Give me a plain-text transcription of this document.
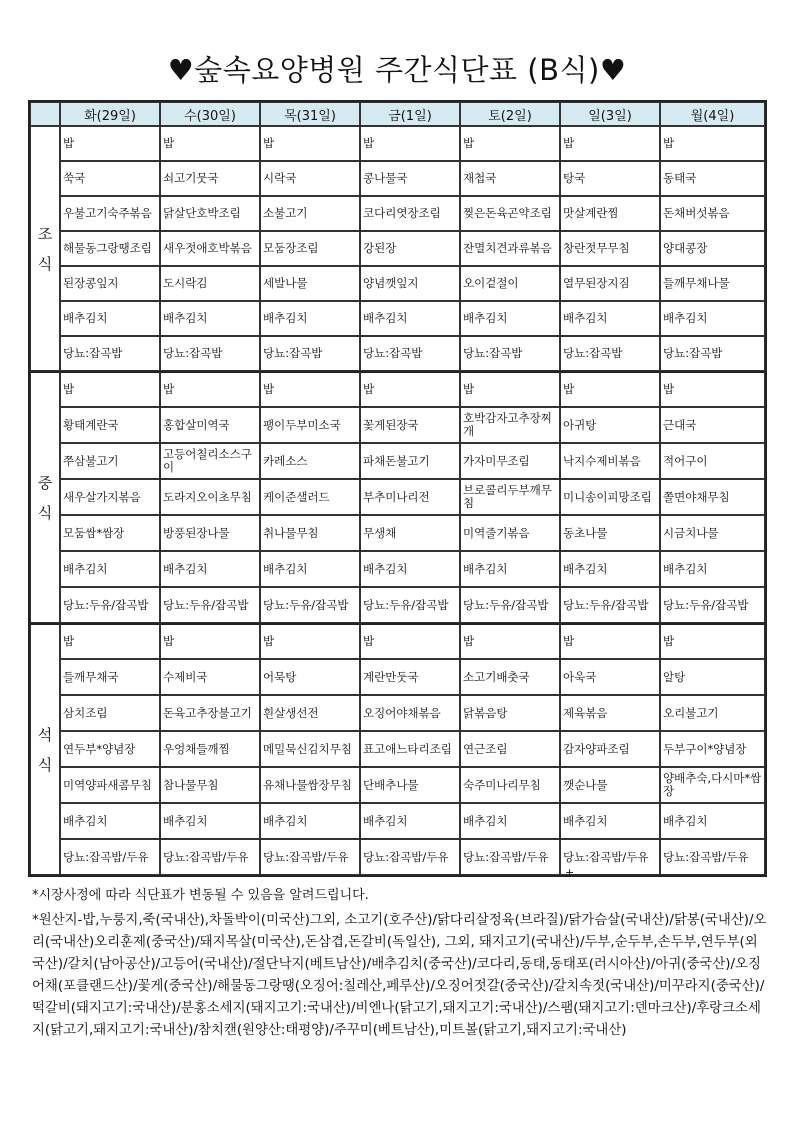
♥숲속요양병원 주간식단표 (B식)♥
	화(29일)	수(30일)	목(31일)	금(1일)	토(2일)	일(3일)	월(4일)

조
식	밥	밥	밥	밥	밥	밥	밥
	쑥국	쇠고기뭇국	시락국	콩나물국	재첩국	탕국	동태국
	우불고기숙주볶음	닭살단호박조림	소불고기	코다리엿장조림	찢은돈육곤약조림	맛살계란찜	돈채버섯볶음
	해물동그랑땡조림	새우젓애호박볶음	모둠장조림	강된장	잔멸치견과류볶음	창란젓무무침	양대콩장
	된장콩잎지	도시락김	세발나물	양념깻잎지	오이겉절이	열무된장지짐	들깨무채나물
	배추김치	배추김치	배추김치	배추김치	배추김치	배추김치	배추김치
	당뇨:잡곡밥	당뇨:잡곡밥	당뇨:잡곡밥	당뇨:잡곡밥	당뇨:잡곡밥	당뇨:잡곡밥	당뇨:잡곡밥

중
식	밥	밥	밥	밥	밥	밥	밥
	황태계란국	홍합살미역국	팽이두부미소국	꽃게된장국	호박감자고추장찌개	아귀탕	근대국
	쭈삼불고기	고등어칠리소스구이	카레소스	파채돈불고기	가자미무조림	낙지수제비볶음	적어구이
	새우살가지볶음	도라지오이초무침	케이준샐러드	부추미나리전	브로콜리두부깨무침	미니송이피망조림	쫄면야채무침
	모둠쌈*쌈장	방풍된장나물	취나물무침	무생채	미역줄기볶음	동초나물	시금치나물
	배추김치	배추김치	배추김치	배추김치	배추김치	배추김치	배추김치
	당뇨:두유/잡곡밥	당뇨:두유/잡곡밥	당뇨:두유/잡곡밥	당뇨:두유/잡곡밥	당뇨:두유/잡곡밥	당뇨:두유/잡곡밥	당뇨:두유/잡곡밥

석
식	밥	밥	밥	밥	밥	밥	밥
	들깨무채국	수제비국	어묵탕	계란만둣국	소고기배춧국	아욱국	알탕
	삼치조림	돈육고추장불고기	흰살생선전	오징어야채볶음	닭볶음탕	제육볶음	오리불고기
	연두부*양념장	우엉채들깨찜	메밀묵신김치무침	표고애느타리조림	연근조림	감자양파조림	두부구이*양념장
	미역양파새콤무침	참나물무침	유채나물쌈장무침	단배추나물	숙주미나리무침	깻순나물	양배추숙,다시마*쌈장
	배추김치	배추김치	배추김치	배추김치	배추김치	배추김치	배추김치
	당뇨:잡곡밥/두유	당뇨:잡곡밥/두유	당뇨:잡곡밥/두유	당뇨:잡곡밥/두유	당뇨:잡곡밥/두유	당뇨:잡곡밥/두유	당뇨:잡곡밥/두유
+
*시장사정에 따라 식단표가 변동될 수 있음을 알려드립니다.
*원산지-밥,누룽지,죽(국내산),차돌박이(미국산)그외, 소고기(호주산)/닭다리살정육(브라질)/닭가슴살(국내산)/닭봉(국내산)/오리(국내산)오리훈제(중국산)/돼지목살(미국산),돈삼겹,돈갈비(독일산), 그외, 돼지고기(국내산)/두부,순두부,손두부,연두부(외국산)/갈치(남아공산)/고등어(국내산)/절단낙지(베트남산)/배추김치(중국산)/코다리,동태,동태포(러시아산)/아귀(중국산)/오징어채(포클랜드산)/꽃게(중국산)/해물동그랑땡(오징어:칠레산,페루산)/오징어젓갈(중국산)/갈치속젓(국내산)/미꾸라지(중국산)/떡갈비(돼지고기:국내산)/분홍소세지(돼지고기:국내산)/비엔나(닭고기,돼지고기:국내산)/스팸(돼지고기:덴마크산)/후랑크소세지(닭고기,돼지고기:국내산)/참치캔(원양산:태평양)/주꾸미(베트남산),미트볼(닭고기,돼지고기:국내산)
